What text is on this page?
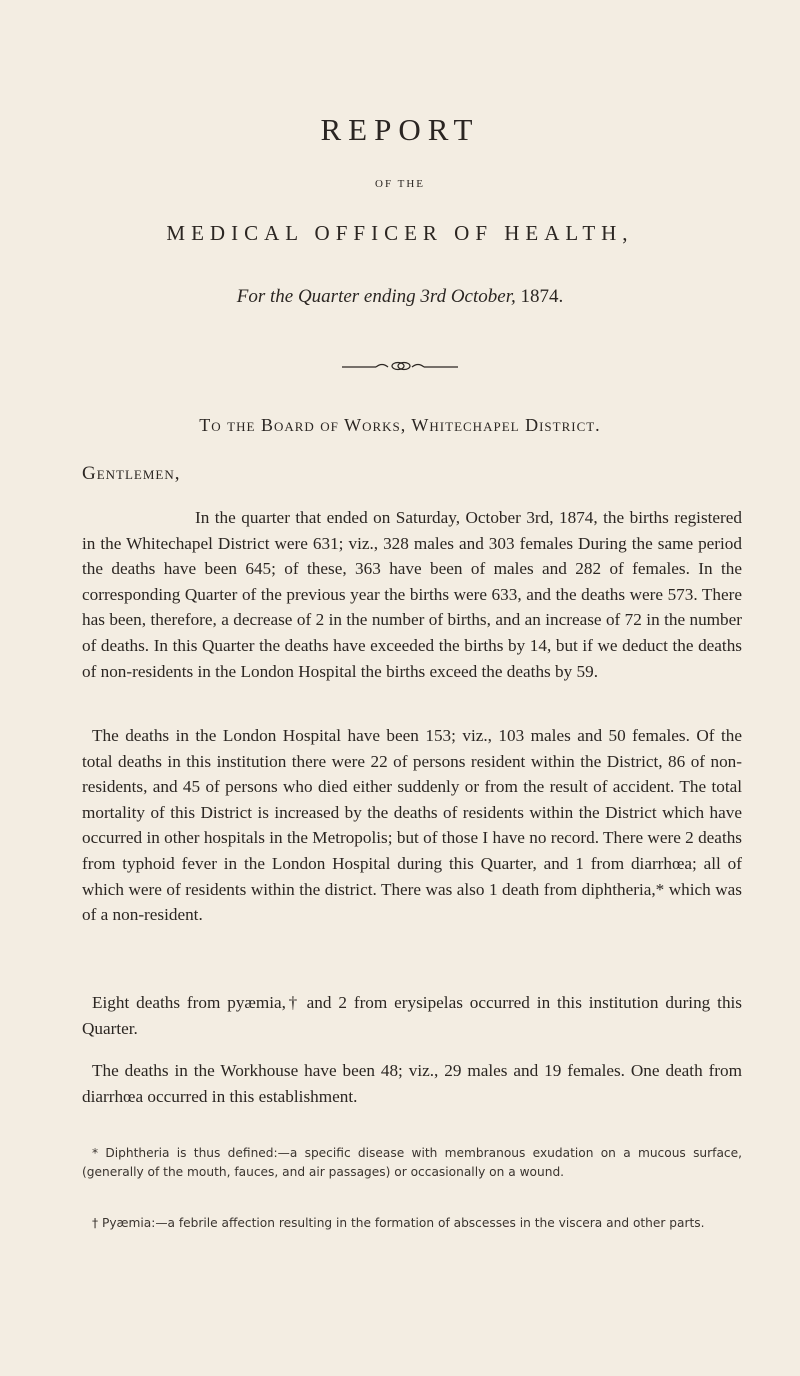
REPORT
OF THE
MEDICAL OFFICER OF HEALTH,
For the Quarter ending 3rd October, 1874.
To the Board of Works, Whitechapel District.
Gentlemen,

In the quarter that ended on Saturday, October 3rd, 1874, the births registered in the Whitechapel District were 631; viz., 328 males and 303 females During the same period the deaths have been 645; of these, 363 have been of males and 282 of females. In the corresponding Quarter of the previous year the births were 633, and the deaths were 573. There has been, therefore, a decrease of 2 in the number of births, and an increase of 72 in the number of deaths. In this Quarter the deaths have exceeded the births by 14, but if we deduct the deaths of non-residents in the London Hospital the births exceed the deaths by 59.

The deaths in the London Hospital have been 153; viz., 103 males and 50 females. Of the total deaths in this institution there were 22 of persons resident within the District, 86 of non-residents, and 45 of persons who died either suddenly or from the result of accident. The total mortality of this District is increased by the deaths of residents within the District which have occurred in other hospitals in the Metropolis; but of those I have no record. There were 2 deaths from typhoid fever in the London Hospital during this Quarter, and 1 from diarrhœa; all of which were of residents within the district. There was also 1 death from diphtheria,* which was of a non-resident.

Eight deaths from pyæmia,† and 2 from erysipelas occurred in this institution during this Quarter.

The deaths in the Workhouse have been 48; viz., 29 males and 19 females. One death from diarrhœa occurred in this establishment.

* Diphtheria is thus defined:—a specific disease with membranous exudation on a mucous surface, (generally of the mouth, fauces, and air passages) or occasionally on a wound.

† Pyæmia:—a febrile affection resulting in the formation of abscesses in the viscera and other parts.
